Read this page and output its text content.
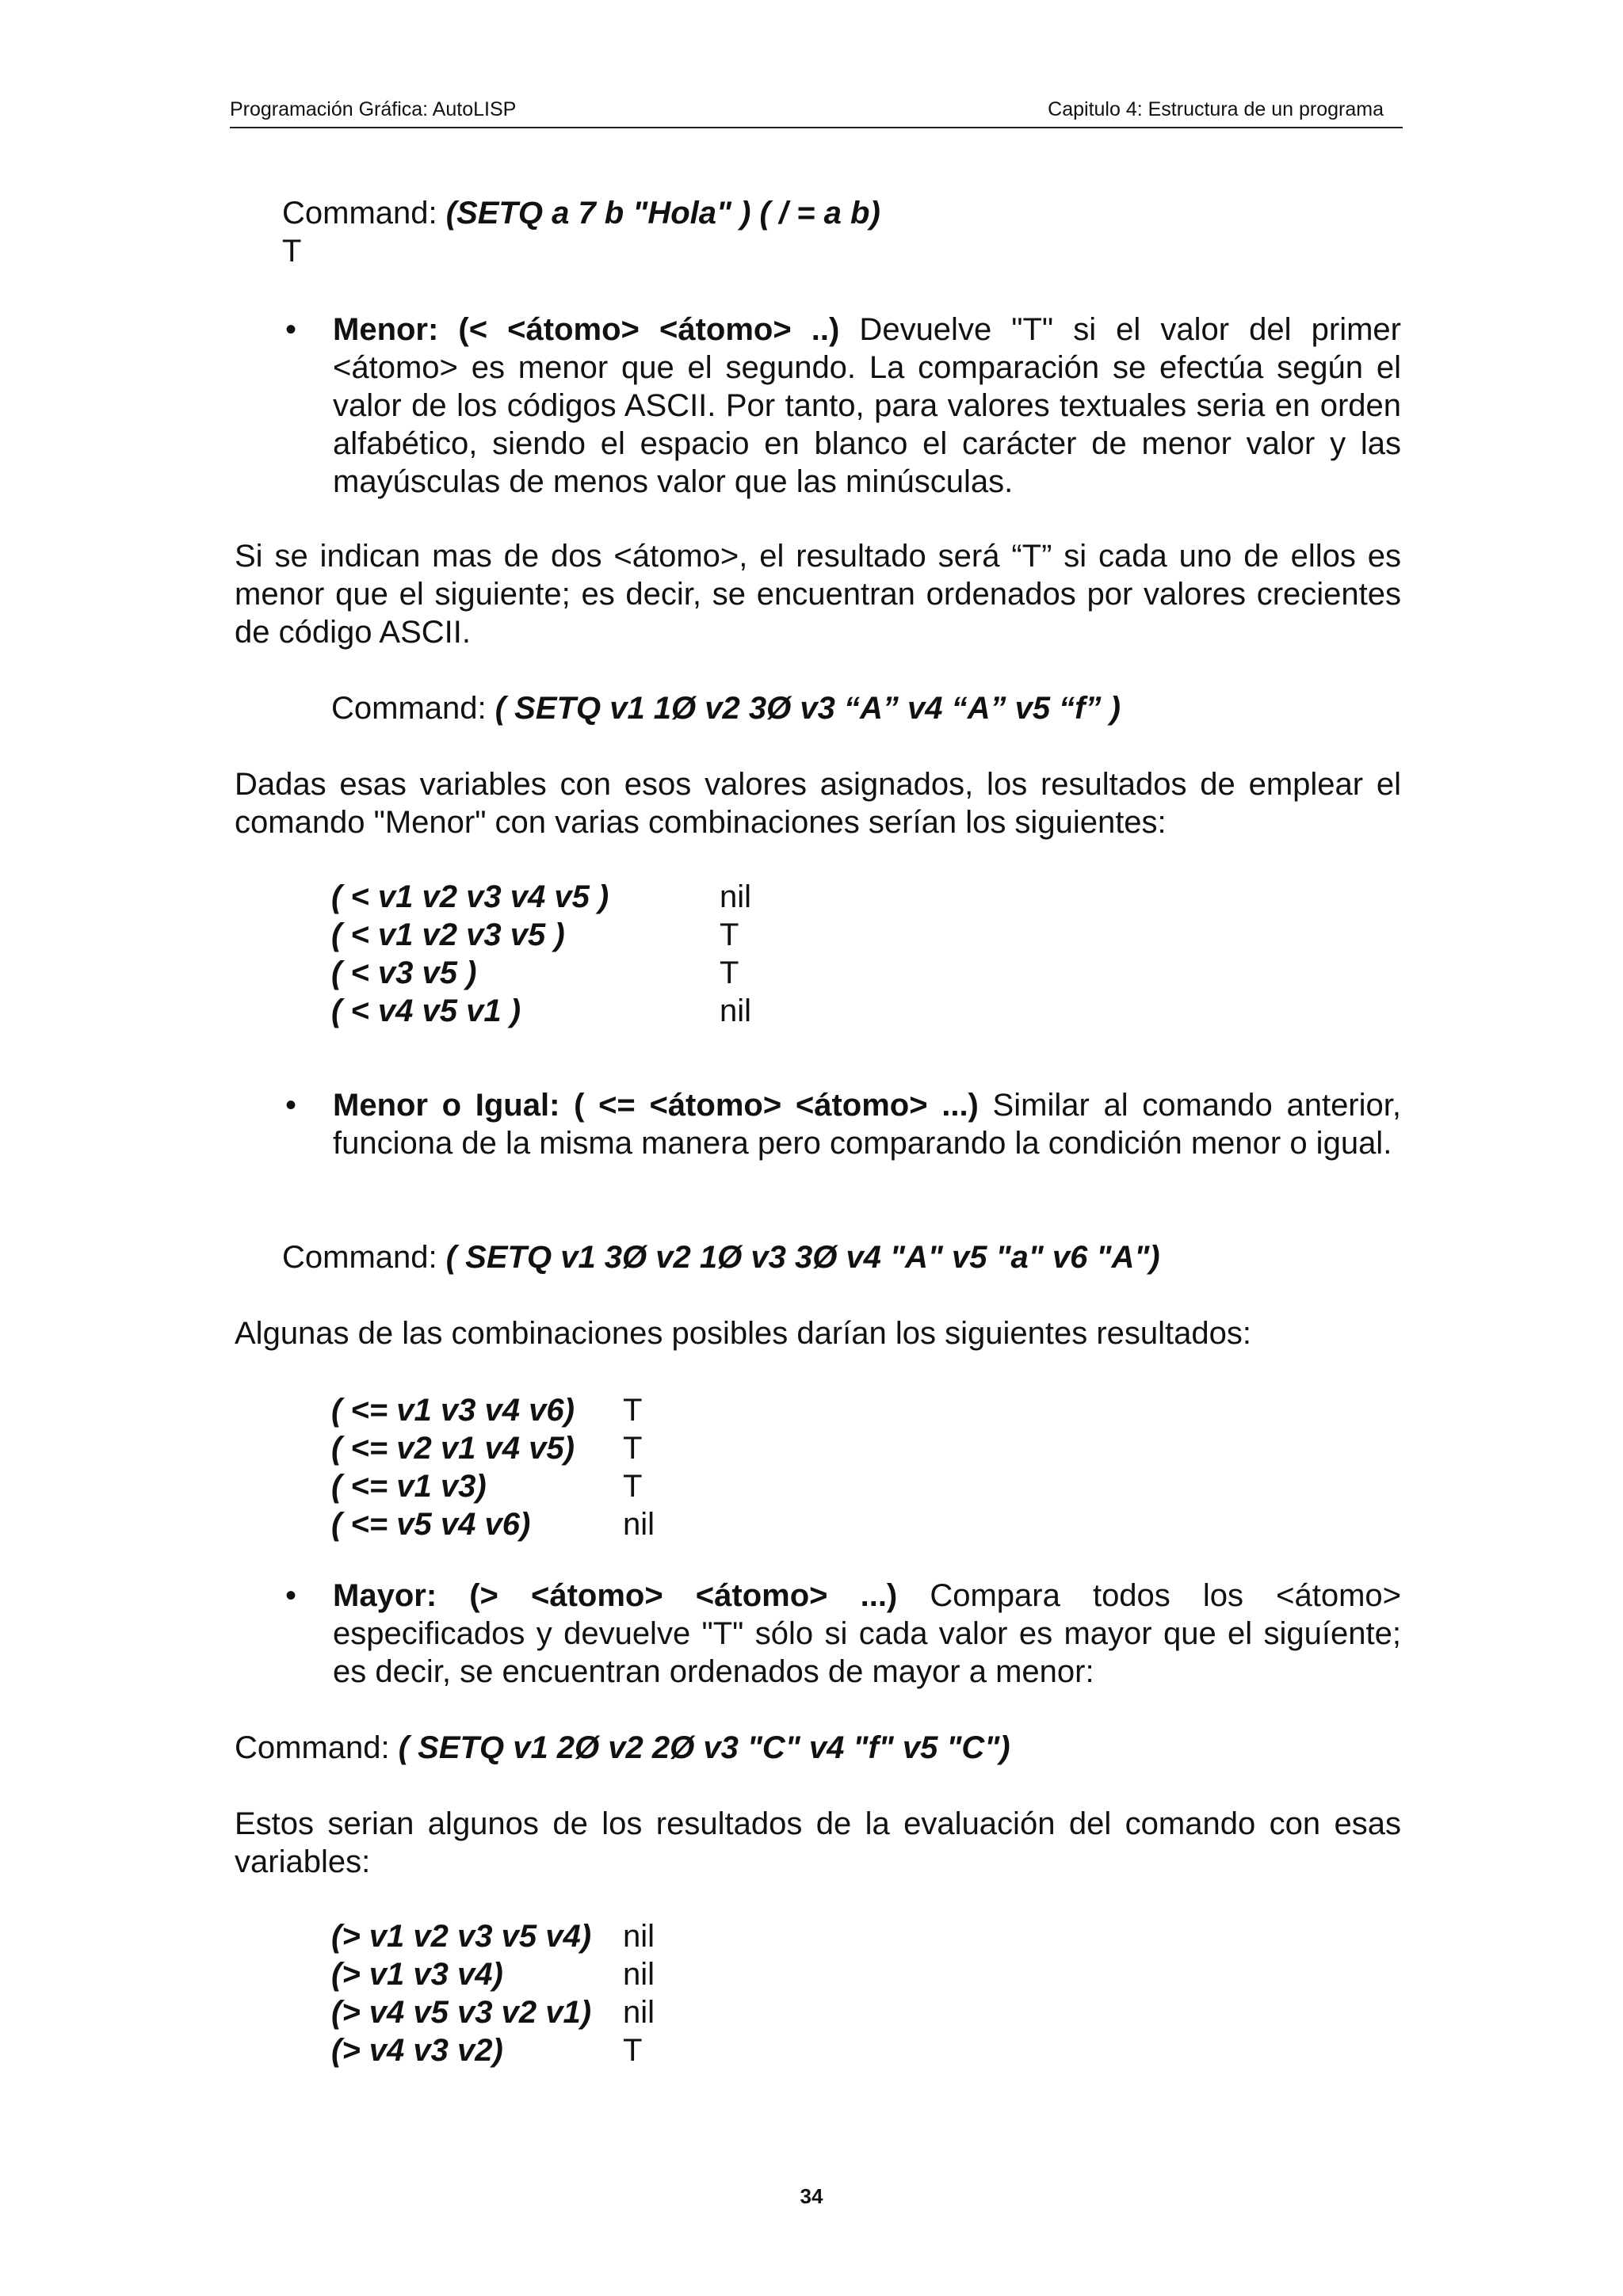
Programación Gráfica: AutoLISP	Capitulo 4: Estructura de un programa
Command: (SETQ a 7 b "Hola" ) ( / = a b)
T
• Menor: (< <átomo> <átomo> ..) Devuelve "T" si el valor del primer <átomo> es menor que el segundo. La comparación se efectúa según el valor de los códigos ASCII. Por tanto, para valores textuales seria en orden alfabético, siendo el espacio en blanco el carácter de menor valor y las mayúsculas de menos valor que las minúsculas.
Si se indican mas de dos <átomo>, el resultado será “T” si cada uno de ellos es menor que el siguiente; es decir, se encuentran ordenados por valores crecientes de código ASCII.
Command: ( SETQ v1 1Ø v2 3Ø v3 “A” v4 “A” v5 “f” )
Dadas esas variables con esos valores asignados, los resultados de emplear el comando "Menor" con varias combinaciones serían los siguientes:
( < v1 v2 v3 v4 v5 )	nil
( < v1 v2 v3 v5 )	T
( < v3 v5 )	T
( < v4 v5 v1 )	nil
• Menor o Igual: ( <= <átomo> <átomo> ...) Similar al comando anterior, funciona de la misma manera pero comparando la condición menor o igual.
Command: ( SETQ v1 3Ø v2 1Ø v3 3Ø v4 "A" v5 "a" v6 "A")
Algunas de las combinaciones posibles darían los siguientes resultados:
( <= v1 v3 v4 v6) T
( <= v2 v1 v4 v5) T
( <= v1 v3)	T
( <= v5 v4 v6)	nil
• Mayor: (> <átomo> <átomo> ...) Compara todos los <átomo> especificados y devuelve "T" sólo si cada valor es mayor que el siguíente; es decir, se encuentran ordenados de mayor a menor:
Command: ( SETQ v1 2Ø v2 2Ø v3 "C" v4 "f" v5 "C")
Estos serian algunos de los resultados de la evaluación del comando con esas variables:
(> v1 v2 v3 v5 v4) nil
(> v1 v3 v4)	nil
(> v4 v5 v3 v2 v1) nil
(> v4 v3 v2)	T
34
